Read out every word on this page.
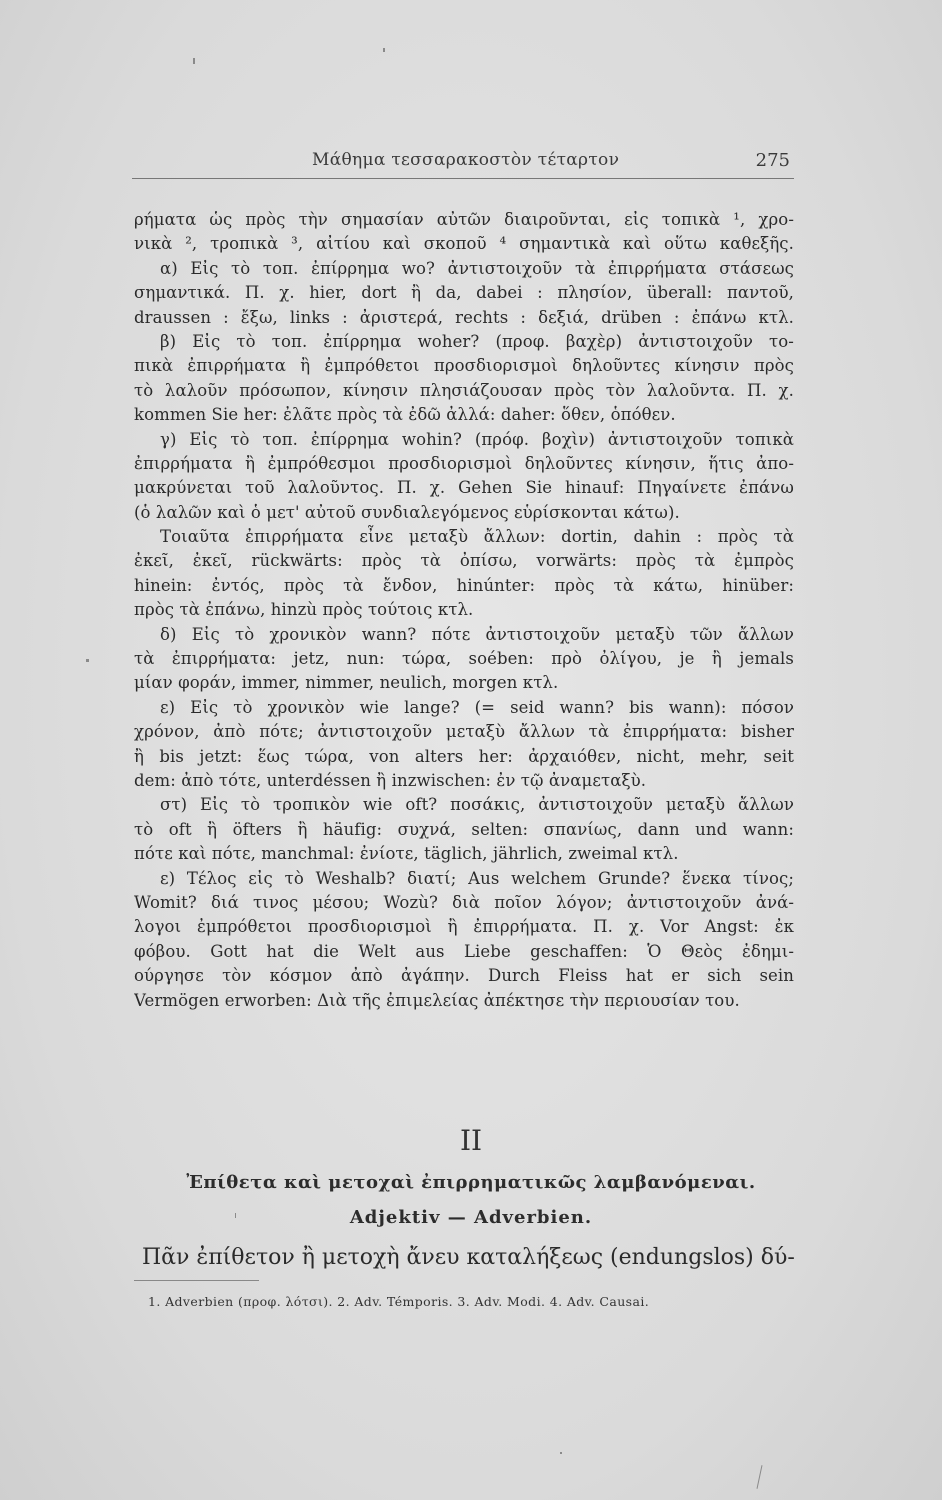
Μάθημα τεσσαρακοστὸν τέταρτον	275
ρήματα ὡς πρὸς τὴν σημασίαν αὐτῶν διαιροῦνται, εἰς τοπικὰ ¹, χρο-
νικὰ ², τροπικὰ ³, αἰτίου καὶ σκοποῦ ⁴ σημαντικὰ καὶ οὕτω καθεξῆς.
α) Εἰς τὸ τοπ. ἐπίρρημα wo? ἀντιστοιχοῦν τὰ ἐπιρρήματα στάσεως
σημαντικά. Π. χ. hier, dort ἢ da, dabei : πλησίον, überall: παντοῦ,
draussen : ἔξω, links : ἀριστερά, rechts : δεξιά, drüben : ἐπάνω κτλ.
β) Εἰς τὸ τοπ. ἐπίρρημα woher? (προφ. βαχὲρ) ἀντιστοιχοῦν το-
πικὰ ἐπιρρήματα ἢ ἐμπρόθετοι προσδιορισμοὶ δηλοῦντες κίνησιν πρὸς
τὸ λαλοῦν πρόσωπον, κίνησιν πλησιάζουσαν πρὸς τὸν λαλοῦντα. Π. χ.
kommen Sie her: ἐλᾶτε πρὸς τὰ ἐδῶ ἀλλά: daher: ὅθεν, ὁπόθεν.
γ) Εἰς τὸ τοπ. ἐπίρρημα wohin? (πρόφ. βοχὶν) ἀντιστοιχοῦν τοπικὰ
ἐπιρρήματα ἢ ἐμπρόθεσμοι προσδιορισμοὶ δηλοῦντες κίνησιν, ἥτις ἀπο-
μακρύνεται τοῦ λαλοῦντος. Π. χ. Gehen Sie hinauf: Πηγαίνετε ἐπάνω
(ὁ λαλῶν καὶ ὁ μετ' αὐτοῦ συνδιαλεγόμενος εὑρίσκονται κάτω).
Τοιαῦτα ἐπιρρήματα εἶνε μεταξὺ ἄλλων: dortin, dahin : πρὸς τὰ
ἐκεῖ, ἐκεῖ, rückwärts: πρὸς τὰ ὀπίσω, vorwärts: πρὸς τὰ ἐμπρὸς
hinein: ἐντός, πρὸς τὰ ἔνδον, hinúnter: πρὸς τὰ κάτω, hinüber:
πρὸς τὰ ἐπάνω, hinzù πρὸς τούτοις κτλ.
δ) Εἰς τὸ χρονικὸν wann? πότε ἀντιστοιχοῦν μεταξὺ τῶν ἄλλων
τὰ ἐπιρρήματα: jetz, nun: τώρα, soében: πρὸ ὀλίγου, je ἢ jemals
μίαν φοράν, immer, nimmer, neulich, morgen κτλ.
ε) Εἰς τὸ χρονικὸν wie lange? (= seid wann? bis wann): πόσον
χρόνον, ἀπὸ πότε; ἀντιστοιχοῦν μεταξὺ ἄλλων τὰ ἐπιρρήματα: bisher
ἢ bis jetzt: ἕως τώρα, von alters her: ἀρχαιόθεν, nicht, mehr, seit
dem: ἀπὸ τότε, unterdéssen ἢ inzwischen: ἐν τῷ ἀναμεταξὺ.
στ) Εἰς τὸ τροπικὸν wie oft? ποσάκις, ἀντιστοιχοῦν μεταξὺ ἄλλων
τὸ oft ἢ öfters ἢ häufig: συχνά, selten: σπανίως, dann und wann:
πότε καὶ πότε, manchmal: ἐνίοτε, täglich, jährlich, zweimal κτλ.
ε) Τέλος εἰς τὸ Weshalb? διατί; Aus welchem Grunde? ἕνεκα τίνος;
Womit? διά τινος μέσου; Wozù? διὰ ποῖον λόγον; ἀντιστοιχοῦν ἀνά-
λογοι ἐμπρόθετοι προσδιορισμοὶ ἢ ἐπιρρήματα. Π. χ. Vor Angst: ἐκ
φόβου. Gott hat die Welt aus Liebe geschaffen: Ὁ Θεὸς ἐδημι-
ούργησε τὸν κόσμον ἀπὸ ἀγάπην. Durch Fleiss hat er sich sein
Vermögen erworben: Διὰ τῆς ἐπιμελείας ἀπέκτησε τὴν περιουσίαν του.
II
Ἐπίθετα καὶ μετοχαὶ ἐπιρρηματικῶς λαμβανόμεναι.
Adjektiv — Adverbien.
Πᾶν ἐπίθετον ἢ μετοχὴ ἄνευ καταλήξεως (endungslos) δύ-
1. Adverbien (προφ. λότσι). 2. Adv. Témporis. 3. Adv. Modi. 4. Adv. Causai.
